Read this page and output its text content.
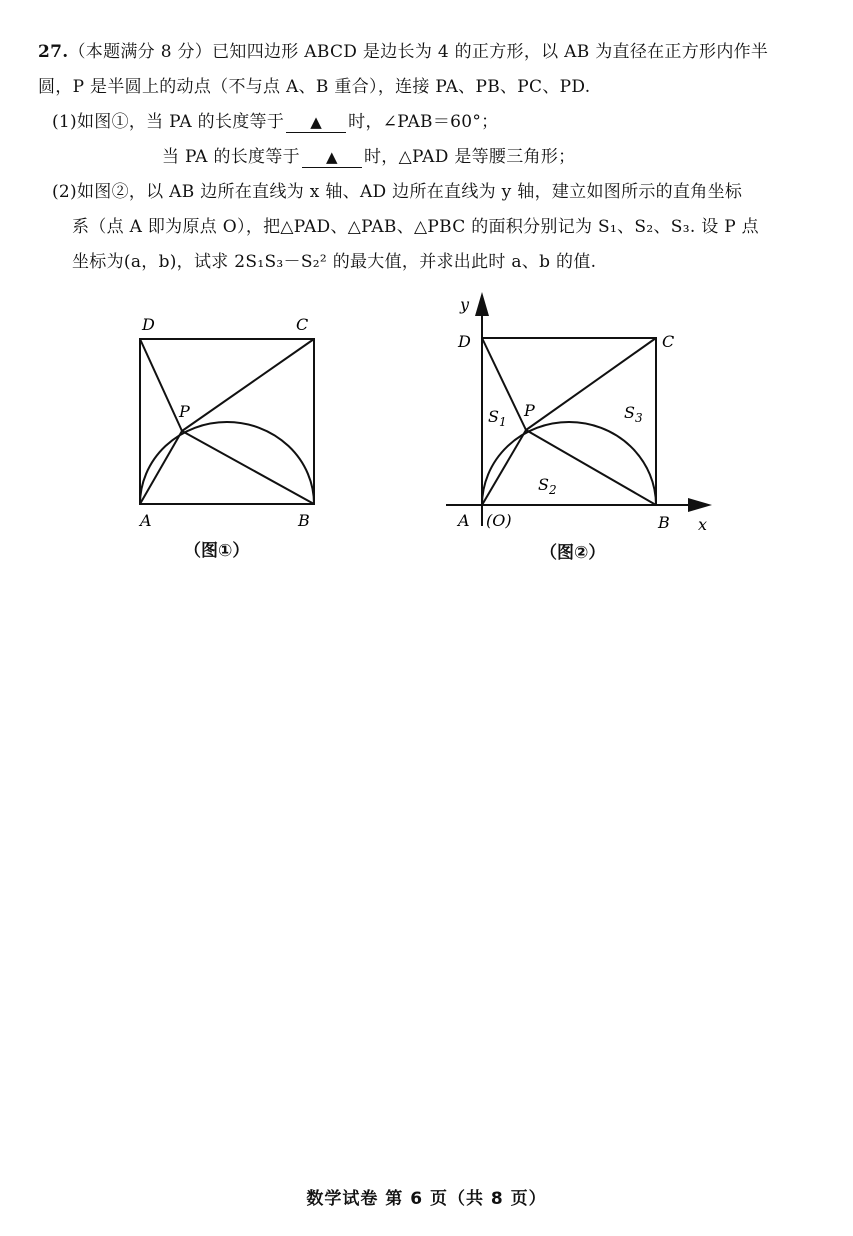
27.（本题满分 8 分）已知四边形 ABCD 是边长为 4 的正方形，以 AB 为直径在正方形内作半
圆，P 是半圆上的动点（不与点 A、B 重合），连接 PA、PB、PC、PD.
(1)如图①，当 PA 的长度等于 ▲ 时，∠PAB＝60°；
当 PA 的长度等于 ▲ 时，△PAD 是等腰三角形；
(2)如图②，以 AB 边所在直线为 x 轴、AD 边所在直线为 y 轴，建立如图所示的直角坐标
系（点 A 即为原点 O），把△PAD、△PAB、△PBC 的面积分别记为 S₁、S₂、S₃. 设 P 点
坐标为(a，b)，试求 2S₁S₃－S₂² 的最大值，并求出此时 a、b 的值.
D	C
P
A	B
（图①）
y
D	C
P
$S_1$	$S_3$
$S_2$
A (O)	B x
（图②）
数学试卷 第 6 页（共 8 页）
